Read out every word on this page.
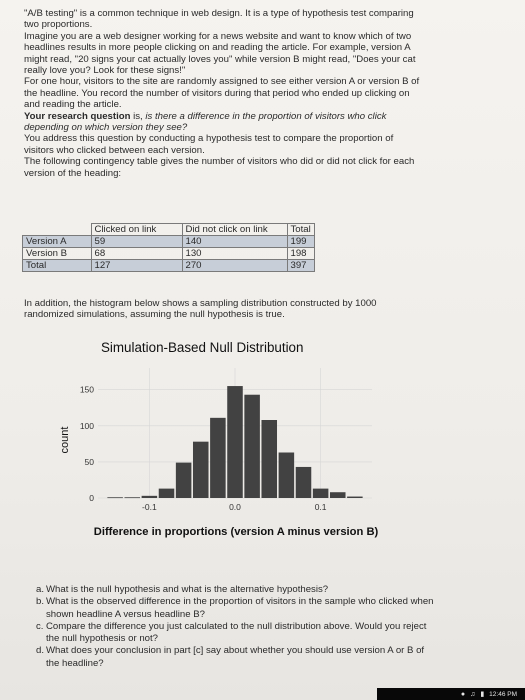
"A/B testing" is a common technique in web design. It is a type of hypothesis test comparing two proportions.

Imagine you are a web designer working for a news website and want to know which of two headlines results in more people clicking on and reading the article. For example, version A might read, "20 signs your cat actually loves you" while version B might read, "Does your cat really love you? Look for these signs!"

For one hour, visitors to the site are randomly assigned to see either version A or version B of the headline. You record the number of visitors during that period who ended up clicking on and reading the article.

Your research question is, is there a difference in the proportion of visitors who click depending on which version they see?

You address this question by conducting a hypothesis test to compare the proportion of visitors who clicked between each version.

The following contingency table gives the number of visitors who did or did not click for each version of the heading:

	Clicked on link	Did not click on link	Total
Version A	59	140	199
Version B	68	130	198
Total	127	270	397
In addition, the histogram below shows a sampling distribution constructed by 1000 randomized simulations, assuming the null hypothesis is true.
Simulation-Based Null Distribution
0
50
100
150
-0.1	0.0	0.1
count
Difference in proportions (version A minus version B)
a. What is the null hypothesis and what is the alternative hypothesis?
b. What is the observed difference in the proportion of visitors in the sample who clicked when shown headline A versus headline B?
c. Compare the difference you just calculated to the null distribution above. Would you reject the null hypothesis or not?
d. What does your conclusion in part [c] say about whether you should use version A or B of the headline?
● ♫ ▮ 12:46 PM
